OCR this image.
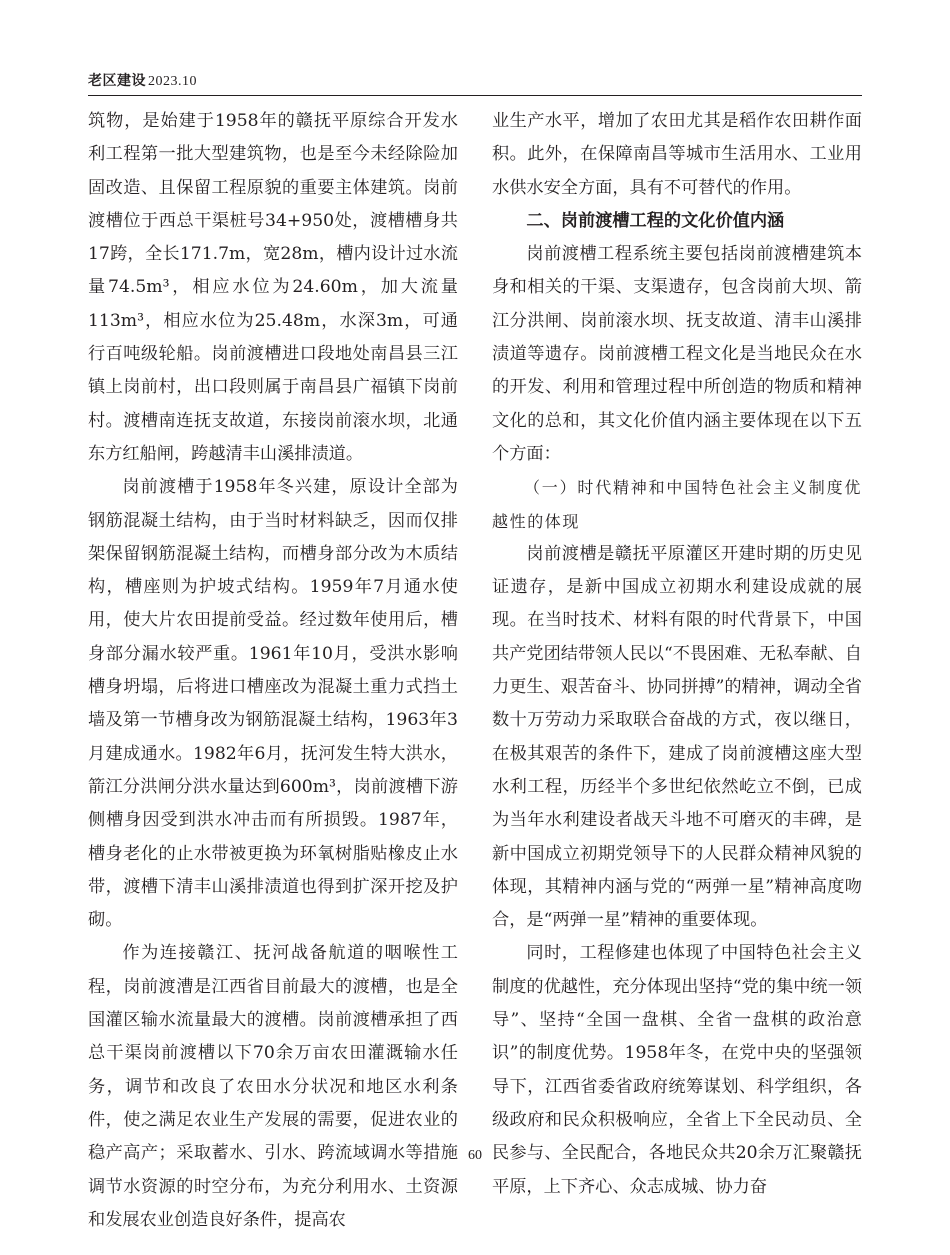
老区建设 2023.10

筑物，是始建于1958年的赣抚平原综合开发水利工程第一批大型建筑物，也是至今未经除险加固改造、且保留工程原貌的重要主体建筑。岗前渡槽位于西总干渠桩号34+950处，渡槽槽身共17跨，全长171.7m，宽28m，槽内设计过水流量74.5m³，相应水位为24.60m，加大流量113m³，相应水位为25.48m，水深3m，可通行百吨级轮船。岗前渡槽进口段地处南昌县三江镇上岗前村，出口段则属于南昌县广福镇下岗前村。渡槽南连抚支故道，东接岗前滚水坝，北通东方红船闸，跨越清丰山溪排渍道。

岗前渡槽于1958年冬兴建，原设计全部为钢筋混凝土结构，由于当时材料缺乏，因而仅排架保留钢筋混凝土结构，而槽身部分改为木质结构，槽座则为护坡式结构。1959年7月通水使用，使大片农田提前受益。经过数年使用后，槽身部分漏水较严重。1961年10月，受洪水影响槽身坍塌，后将进口槽座改为混凝土重力式挡土墙及第一节槽身改为钢筋混凝土结构，1963年3月建成通水。1982年6月，抚河发生特大洪水，箭江分洪闸分洪水量达到600m³，岗前渡槽下游侧槽身因受到洪水冲击而有所损毁。1987年，槽身老化的止水带被更换为环氧树脂贴橡皮止水带，渡槽下清丰山溪排渍道也得到扩深开挖及护砌。

作为连接赣江、抚河战备航道的咽喉性工程，岗前渡漕是江西省目前最大的渡槽，也是全国灌区输水流量最大的渡槽。岗前渡槽承担了西总干渠岗前渡槽以下70余万亩农田灌溉输水任务，调节和改良了农田水分状况和地区水利条件，使之满足农业生产发展的需要，促进农业的稳产高产；采取蓄水、引水、跨流域调水等措施调节水资源的时空分布，为充分利用水、土资源和发展农业创造良好条件，提高农

业生产水平，增加了农田尤其是稻作农田耕作面积。此外，在保障南昌等城市生活用水、工业用水供水安全方面，具有不可替代的作用。

二、岗前渡槽工程的文化价值内涵

岗前渡槽工程系统主要包括岗前渡槽建筑本身和相关的干渠、支渠遗存，包含岗前大坝、箭江分洪闸、岗前滚水坝、抚支故道、清丰山溪排渍道等遗存。岗前渡槽工程文化是当地民众在水的开发、利用和管理过程中所创造的物质和精神文化的总和，其文化价值内涵主要体现在以下五个方面：

（一）时代精神和中国特色社会主义制度优越性的体现

岗前渡槽是赣抚平原灌区开建时期的历史见证遗存，是新中国成立初期水利建设成就的展现。在当时技术、材料有限的时代背景下，中国共产党团结带领人民以“不畏困难、无私奉献、自力更生、艰苦奋斗、协同拼搏”的精神，调动全省数十万劳动力采取联合奋战的方式，夜以继日，在极其艰苦的条件下，建成了岗前渡槽这座大型水利工程，历经半个多世纪依然屹立不倒，已成为当年水利建设者战天斗地不可磨灭的丰碑，是新中国成立初期党领导下的人民群众精神风貌的体现，其精神内涵与党的“两弹一星”精神高度吻合，是“两弹一星”精神的重要体现。

同时，工程修建也体现了中国特色社会主义制度的优越性，充分体现出坚持“党的集中统一领导”、坚持“全国一盘棋、全省一盘棋的政治意识”的制度优势。1958年冬，在党中央的坚强领导下，江西省委省政府统筹谋划、科学组织，各级政府和民众积极响应，全省上下全民动员、全民参与、全民配合，各地民众共20余万汇聚赣抚平原，上下齐心、众志成城、协力奋

60
